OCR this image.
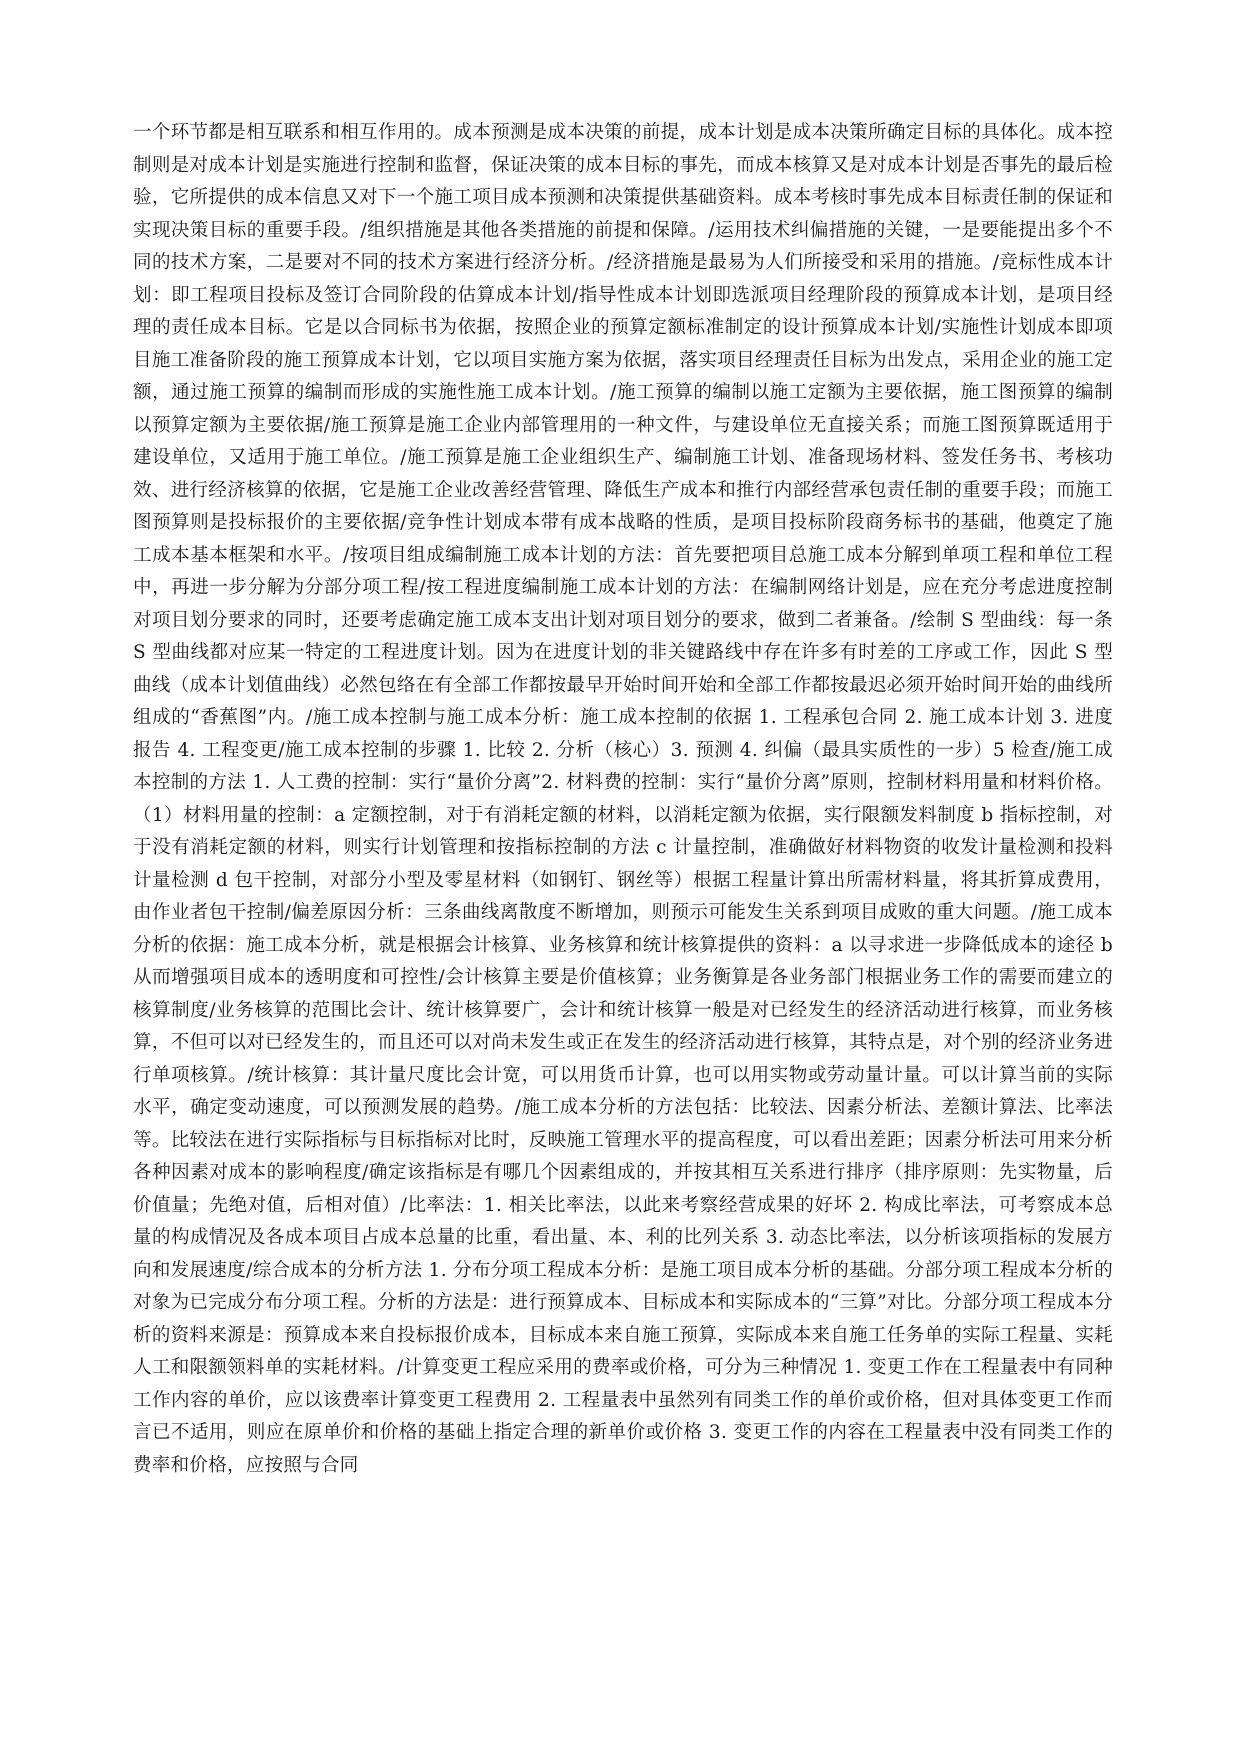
一个环节都是相互联系和相互作用的。成本预测是成本决策的前提，成本计划是成本决策所确定目标的具体化。成本控制则是对成本计划是实施进行控制和监督，保证决策的成本目标的事先，而成本核算又是对成本计划是否事先的最后检验，它所提供的成本信息又对下一个施工项目成本预测和决策提供基础资料。成本考核时事先成本目标责任制的保证和实现决策目标的重要手段。/组织措施是其他各类措施的前提和保障。/运用技术纠偏措施的关键，一是要能提出多个不同的技术方案，二是要对不同的技术方案进行经济分析。/经济措施是最易为人们所接受和采用的措施。/竞标性成本计划：即工程项目投标及签订合同阶段的估算成本计划/指导性成本计划即选派项目经理阶段的预算成本计划，是项目经理的责任成本目标。它是以合同标书为依据，按照企业的预算定额标准制定的设计预算成本计划/实施性计划成本即项目施工准备阶段的施工预算成本计划，它以项目实施方案为依据，落实项目经理责任目标为出发点，采用企业的施工定额，通过施工预算的编制而形成的实施性施工成本计划。/施工预算的编制以施工定额为主要依据，施工图预算的编制以预算定额为主要依据/施工预算是施工企业内部管理用的一种文件，与建设单位无直接关系；而施工图预算既适用于建设单位，又适用于施工单位。/施工预算是施工企业组织生产、编制施工计划、准备现场材料、签发任务书、考核功效、进行经济核算的依据，它是施工企业改善经营管理、降低生产成本和推行内部经营承包责任制的重要手段；而施工图预算则是投标报价的主要依据/竞争性计划成本带有成本战略的性质，是项目投标阶段商务标书的基础，他奠定了施工成本基本框架和水平。/按项目组成编制施工成本计划的方法：首先要把项目总施工成本分解到单项工程和单位工程中，再进一步分解为分部分项工程/按工程进度编制施工成本计划的方法：在编制网络计划是，应在充分考虑进度控制对项目划分要求的同时，还要考虑确定施工成本支出计划对项目划分的要求，做到二者兼备。/绘制 S 型曲线：每一条 S 型曲线都对应某一特定的工程进度计划。因为在进度计划的非关键路线中存在许多有时差的工序或工作，因此 S 型曲线（成本计划值曲线）必然包络在有全部工作都按最早开始时间开始和全部工作都按最迟必须开始时间开始的曲线所组成的“香蕉图”内。/施工成本控制与施工成本分析：施工成本控制的依据 1. 工程承包合同 2. 施工成本计划 3. 进度报告 4. 工程变更/施工成本控制的步骤 1. 比较 2. 分析（核心）3. 预测 4. 纠偏（最具实质性的一步）5 检查/施工成本控制的方法 1. 人工费的控制：实行“量价分离”2. 材料费的控制：实行“量价分离”原则，控制材料用量和材料价格。（1）材料用量的控制：a 定额控制，对于有消耗定额的材料，以消耗定额为依据，实行限额发料制度 b 指标控制，对于没有消耗定额的材料，则实行计划管理和按指标控制的方法 c 计量控制，准确做好材料物资的收发计量检测和投料计量检测 d 包干控制，对部分小型及零星材料（如钢钉、钢丝等）根据工程量计算出所需材料量，将其折算成费用，由作业者包干控制/偏差原因分析：三条曲线离散度不断增加，则预示可能发生关系到项目成败的重大问题。/施工成本分析的依据：施工成本分析，就是根据会计核算、业务核算和统计核算提供的资料：a 以寻求进一步降低成本的途径 b 从而增强项目成本的透明度和可控性/会计核算主要是价值核算；业务衡算是各业务部门根据业务工作的需要而建立的核算制度/业务核算的范围比会计、统计核算要广，会计和统计核算一般是对已经发生的经济活动进行核算，而业务核算，不但可以对已经发生的，而且还可以对尚未发生或正在发生的经济活动进行核算，其特点是，对个别的经济业务进行单项核算。/统计核算：其计量尺度比会计宽，可以用货币计算，也可以用实物或劳动量计量。可以计算当前的实际水平，确定变动速度，可以预测发展的趋势。/施工成本分析的方法包括：比较法、因素分析法、差额计算法、比率法等。比较法在进行实际指标与目标指标对比时，反映施工管理水平的提高程度，可以看出差距；因素分析法可用来分析各种因素对成本的影响程度/确定该指标是有哪几个因素组成的，并按其相互关系进行排序（排序原则：先实物量，后价值量；先绝对值，后相对值）/比率法：1. 相关比率法，以此来考察经营成果的好坏 2. 构成比率法，可考察成本总量的构成情况及各成本项目占成本总量的比重，看出量、本、利的比列关系 3. 动态比率法，以分析该项指标的发展方向和发展速度/综合成本的分析方法 1. 分布分项工程成本分析：是施工项目成本分析的基础。分部分项工程成本分析的对象为已完成分布分项工程。分析的方法是：进行预算成本、目标成本和实际成本的“三算”对比。分部分项工程成本分析的资料来源是：预算成本来自投标报价成本，目标成本来自施工预算，实际成本来自施工任务单的实际工程量、实耗人工和限额领料单的实耗材料。/计算变更工程应采用的费率或价格，可分为三种情况 1. 变更工作在工程量表中有同种工作内容的单价，应以该费率计算变更工程费用 2. 工程量表中虽然列有同类工作的单价或价格，但对具体变更工作而言已不适用，则应在原单价和价格的基础上指定合理的新单价或价格 3. 变更工作的内容在工程量表中没有同类工作的费率和价格，应按照与合同
